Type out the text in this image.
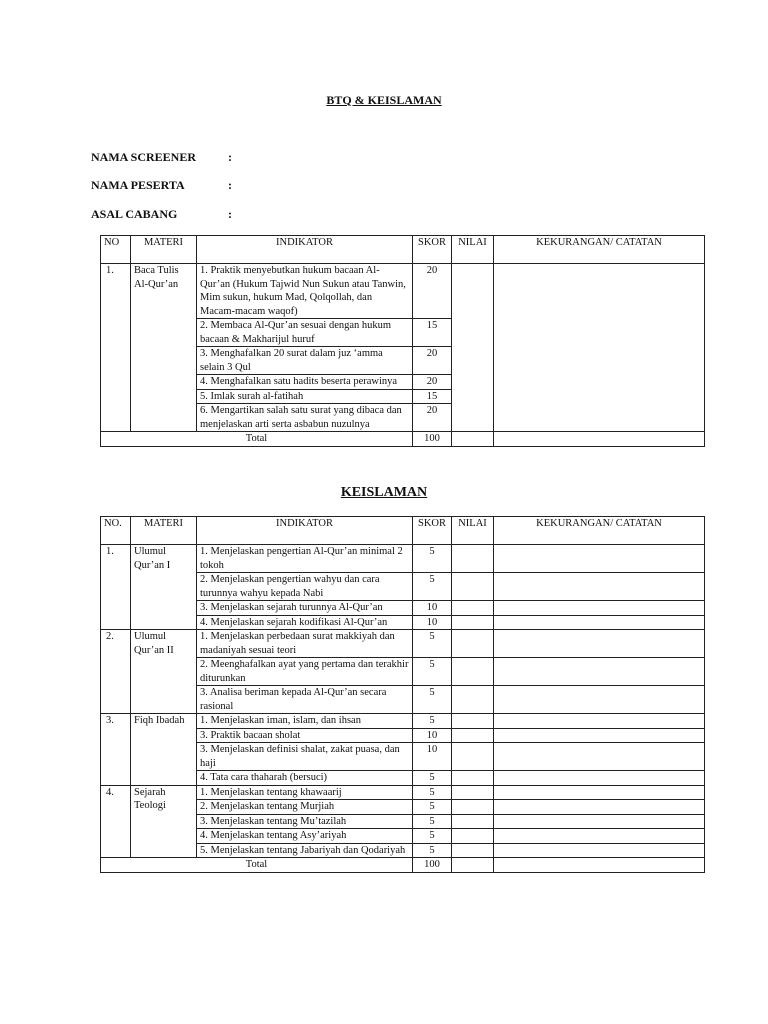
BTQ & KEISLAMAN
NAMA SCREENER	:
NAMA PESERTA	:
ASAL CABANG	:
NO	MATERI	INDIKATOR	SKOR	NILAI	KEKURANGAN/ CATATAN
1.	Baca Tulis Al-Qur’an	1. Praktik menyebutkan hukum bacaan Al-Qur’an (Hukum Tajwid Nun Sukun atau Tanwin, Mim sukun, hukum Mad, Qolqollah, dan Macam-macam waqof)	20		
		2. Membaca Al-Qur’an sesuai dengan hukum bacaan & Makharijul huruf	15		
		3. Menghafalkan 20 surat dalam juz ‘amma selain 3 Qul	20		
		4. Menghafalkan satu hadits beserta perawinya	20		
		5. Imlak surah al-fatihah	15		
		6. Mengartikan salah satu surat yang dibaca dan menjelaskan arti serta asbabun nuzulnya	20		
Total			100		
KEISLAMAN
NO.	MATERI	INDIKATOR	SKOR	NILAI	KEKURANGAN/ CATATAN
1.	Ulumul Qur’an I	1. Menjelaskan pengertian Al-Qur’an minimal 2 tokoh	5		
		2. Menjelaskan pengertian wahyu dan cara turunnya wahyu kepada Nabi	5		
		3. Menjelaskan sejarah turunnya Al-Qur’an	10		
		4. Menjelaskan sejarah kodifikasi Al-Qur’an	10		
2.	Ulumul Qur’an II	1. Menjelaskan perbedaan surat makkiyah dan madaniyah sesuai teori	5		
		2. Meenghafalkan ayat yang pertama dan terakhir diturunkan	5		
		3. Analisa beriman kepada Al-Qur’an secara rasional	5		
3.	Fiqh Ibadah	1. Menjelaskan iman, islam, dan ihsan	5		
		3. Praktik bacaan sholat	10		
		3. Menjelaskan definisi shalat, zakat puasa, dan haji	10		
		4. Tata cara thaharah (bersuci)	5		
4.	Sejarah Teologi	1. Menjelaskan tentang khawaarij	5		
		2. Menjelaskan tentang Murjiah	5		
		3. Menjelaskan tentang Mu’tazilah	5		
		4. Menjelaskan tentang Asy’ariyah	5		
		5. Menjelaskan tentang Jabariyah dan Qodariyah	5		
Total			100		
